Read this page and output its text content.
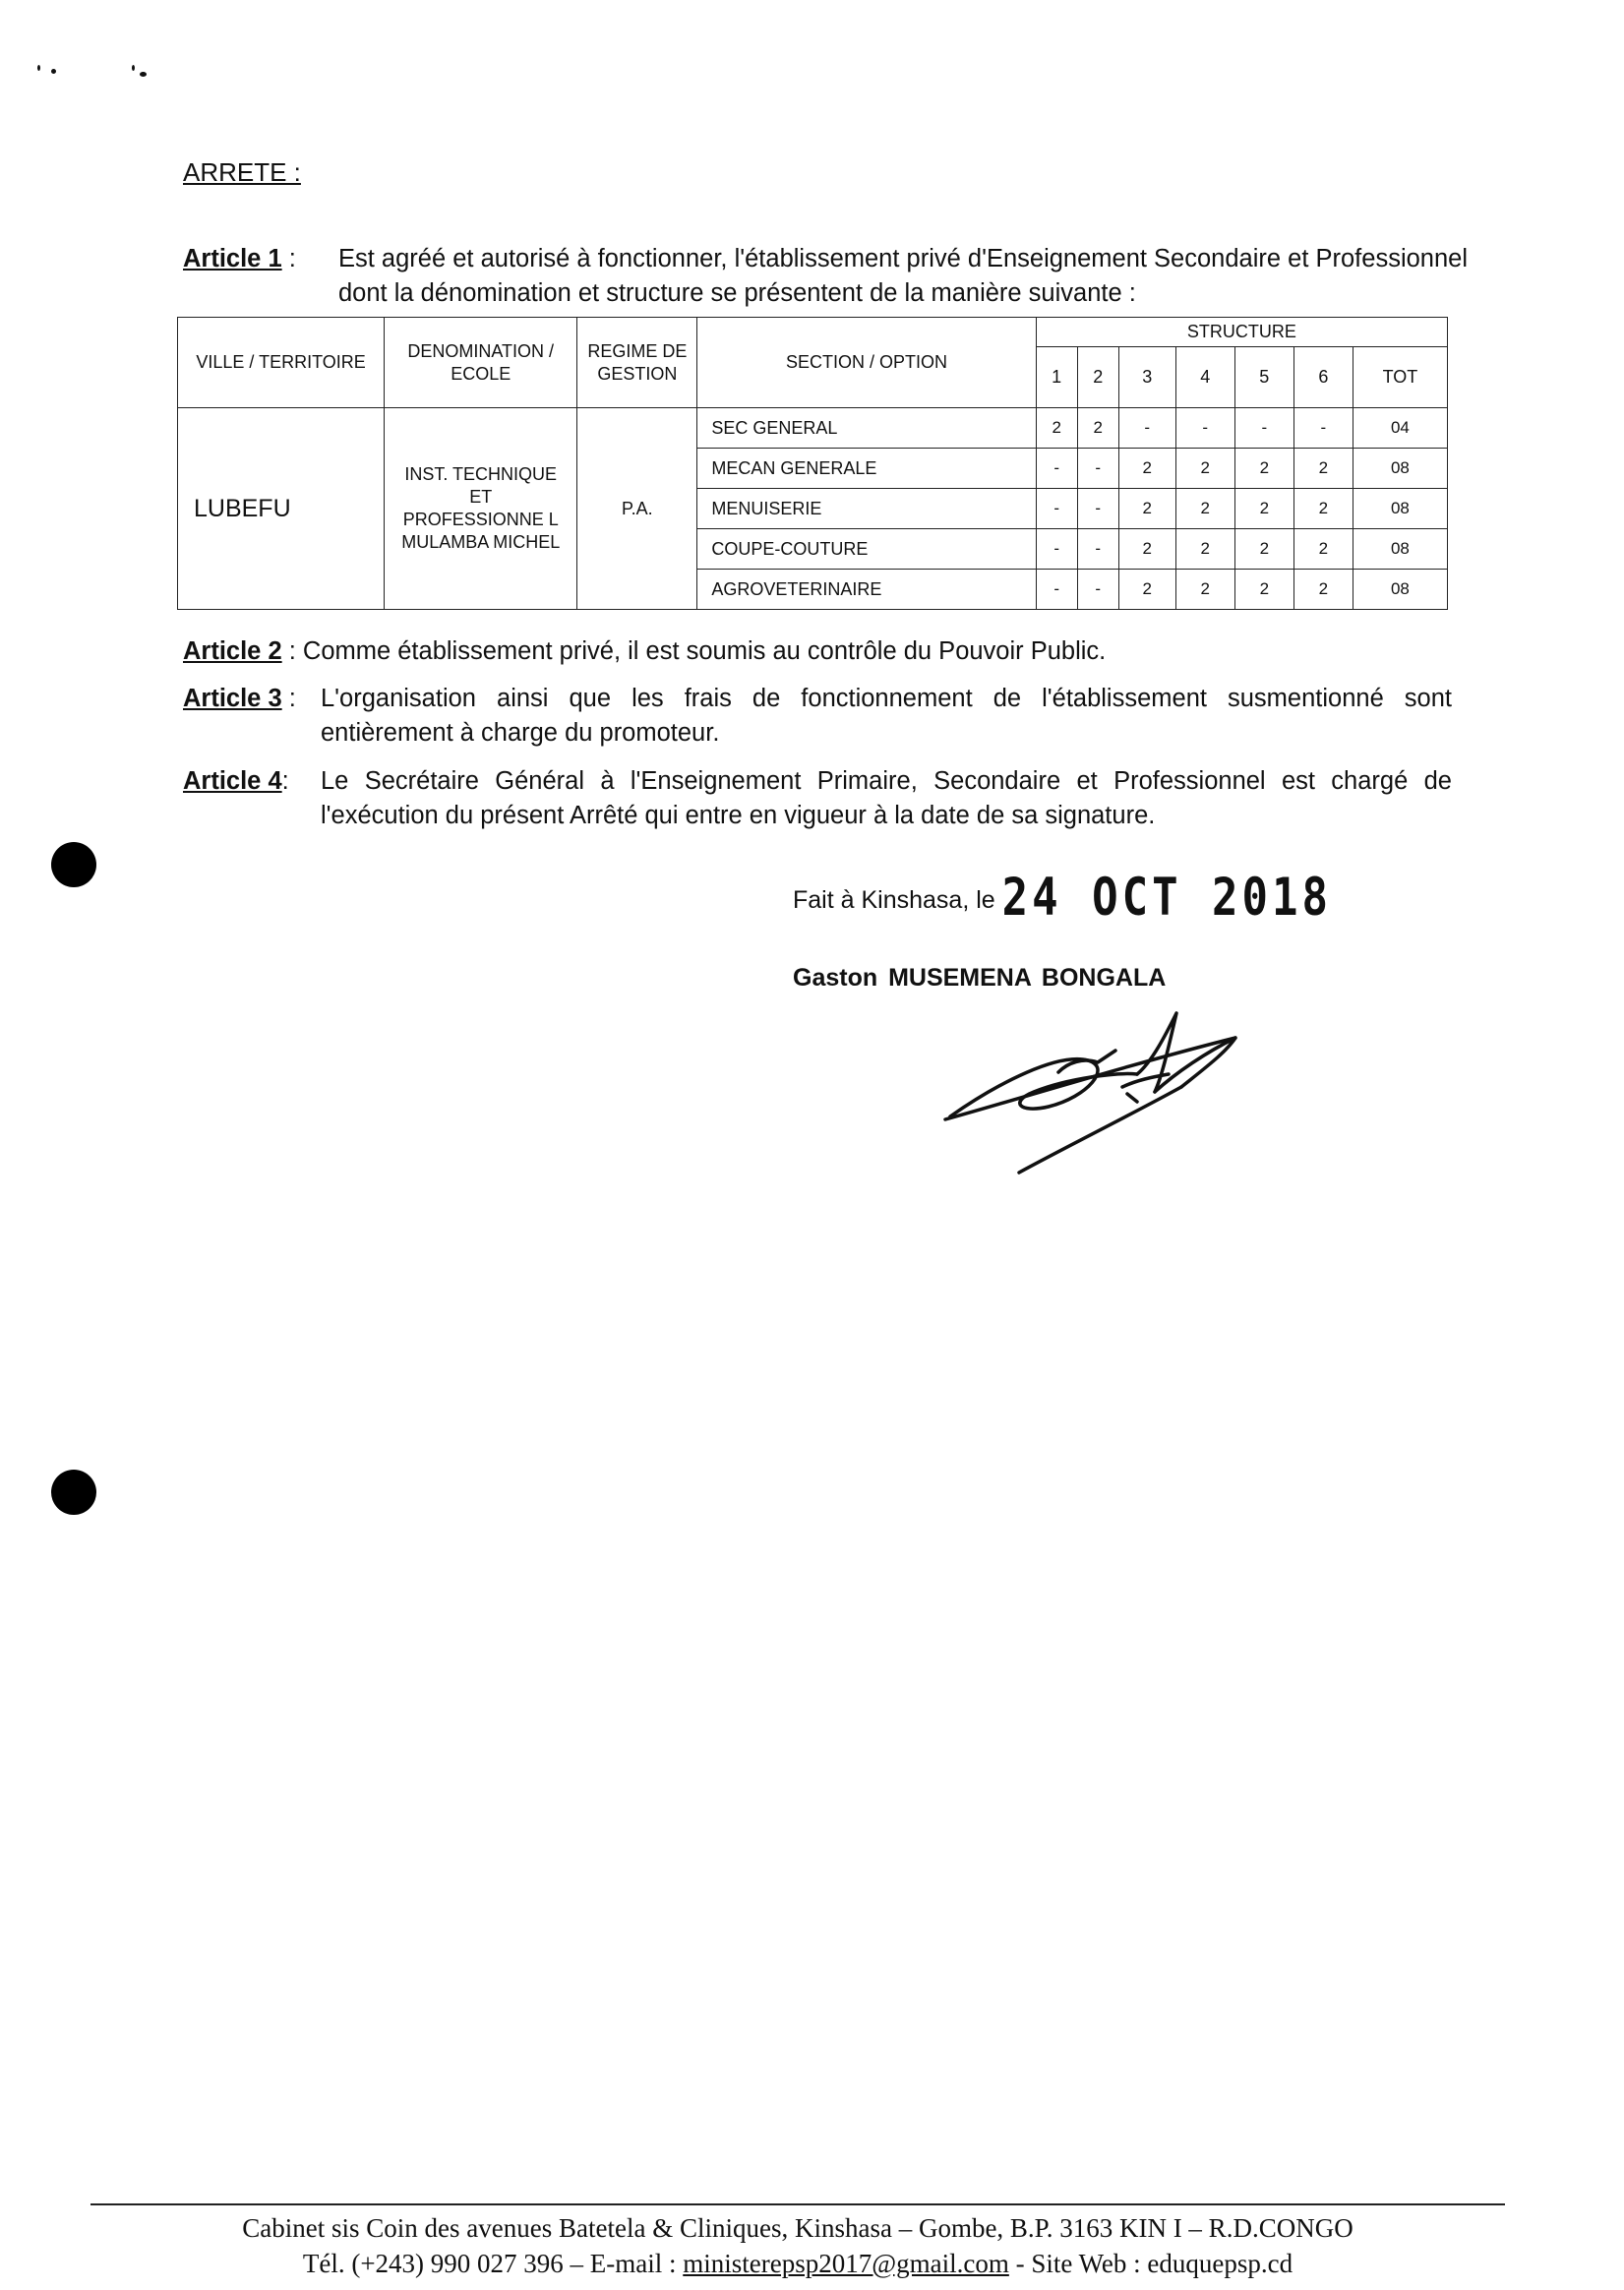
ARRETE :
Article 1 : Est agréé et autorisé à fonctionner, l'établissement privé d'Enseignement Secondaire et Professionnel dont la dénomination et structure se présentent de la manière suivante :
VILLE / TERRITOIRE	DENOMINATION / ECOLE	REGIME DE GESTION	SECTION / OPTION	STRUCTURE						
				1	2	3	4	5	6	TOT
LUBEFU	INST. TECHNIQUE ET PROFESSIONNE L MULAMBA MICHEL	P.A.	SEC GENERAL	2	2	-	-	-	-	04
			MECAN GENERALE	-	-	2	2	2	2	08
			MENUISERIE	-	-	2	2	2	2	08
			COUPE-COUTURE	-	-	2	2	2	2	08
			AGROVETERINAIRE	-	-	2	2	2	2	08
Article 2 : Comme établissement privé, il est soumis au contrôle du Pouvoir Public.
Article 3 : L'organisation ainsi que les frais de fonctionnement de l'établissement susmentionné sont entièrement à charge du promoteur.
Article 4: Le Secrétaire Général à l'Enseignement Primaire, Secondaire et Professionnel est chargé de l'exécution du présent Arrêté qui entre en vigueur à la date de sa signature.
Fait à Kinshasa, le 24 OCT 2018
Gaston MUSEMENA BONGALA
Cabinet sis Coin des avenues Batetela & Cliniques, Kinshasa – Gombe, B.P. 3163 KIN I – R.D.CONGO
Tél. (+243) 990 027 396 – E-mail : ministerepsp2017@gmail.com - Site Web : eduquepsp.cd
